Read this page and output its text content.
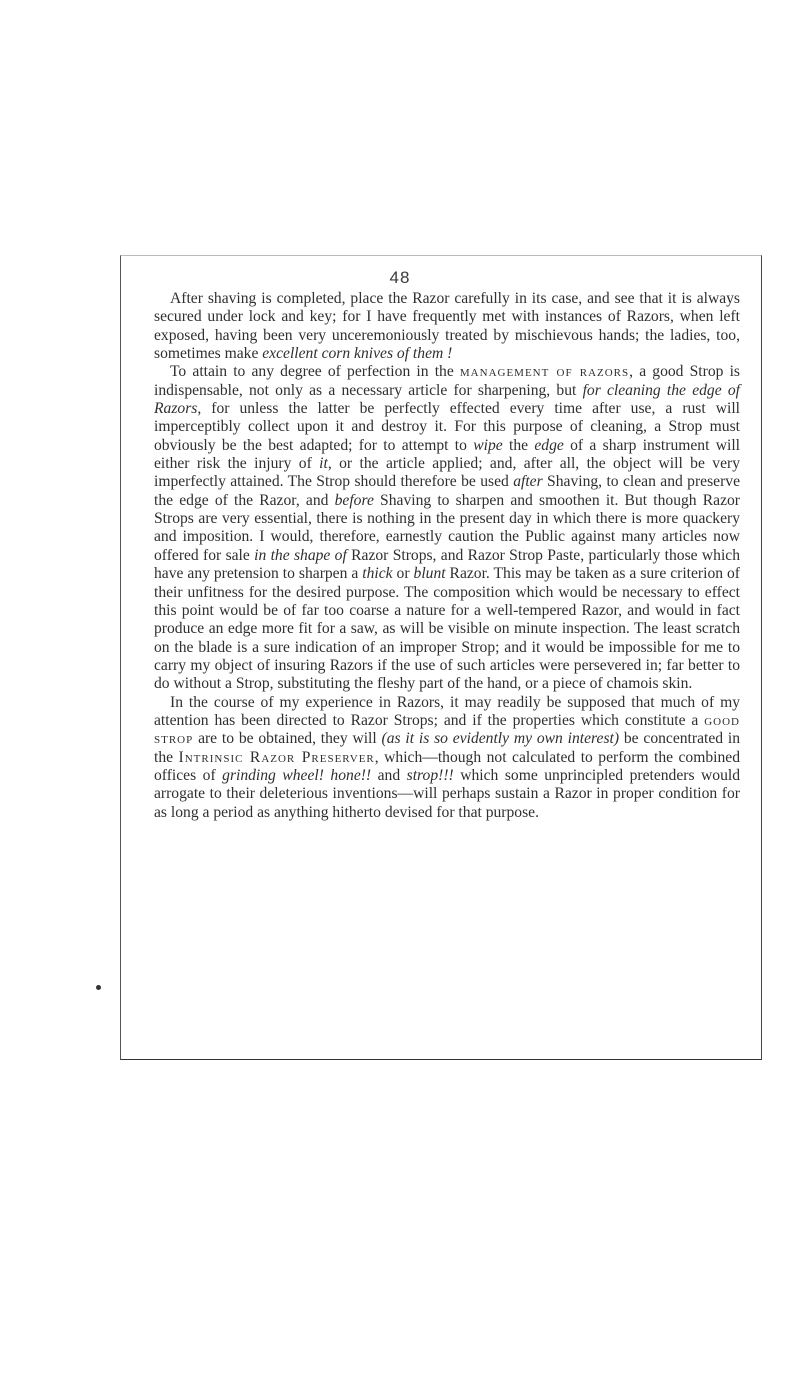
48

After shaving is completed, place the Razor carefully in its case, and see that it is always secured under lock and key; for I have frequently met with instances of Razors, when left exposed, having been very unceremoniously treated by mischievous hands; the ladies, too, sometimes make excellent corn knives of them !

To attain to any degree of perfection in the management of razors, a good Strop is indispensable, not only as a necessary article for sharpening, but for cleaning the edge of Razors, for unless the latter be perfectly effected every time after use, a rust will imperceptibly collect upon it and destroy it. For this purpose of cleaning, a Strop must obviously be the best adapted; for to attempt to wipe the edge of a sharp instrument will either risk the injury of it, or the article applied; and, after all, the object will be very imperfectly attained. The Strop should therefore be used after Shaving, to clean and preserve the edge of the Razor, and before Shaving to sharpen and smoothen it. But though Razor Strops are very essential, there is nothing in the present day in which there is more quackery and imposition. I would, therefore, earnestly caution the Public against many articles now offered for sale in the shape of Razor Strops, and Razor Strop Paste, particularly those which have any pretension to sharpen a thick or blunt Razor. This may be taken as a sure criterion of their unfitness for the desired purpose. The composition which would be necessary to effect this point would be of far too coarse a nature for a well-tempered Razor, and would in fact produce an edge more fit for a saw, as will be visible on minute inspection. The least scratch on the blade is a sure indication of an improper Strop; and it would be impossible for me to carry my object of insuring Razors if the use of such articles were persevered in; far better to do without a Strop, substituting the fleshy part of the hand, or a piece of chamois skin.

In the course of my experience in Razors, it may readily be supposed that much of my attention has been directed to Razor Strops; and if the properties which constitute a good strop are to be obtained, they will (as it is so evidently my own interest) be concentrated in the Intrinsic Razor Preserver, which—though not calculated to perform the combined offices of grinding wheel! hone!! and strop!!! which some unprincipled pretenders would arrogate to their deleterious inventions—will perhaps sustain a Razor in proper condition for as long a period as anything hitherto devised for that purpose.
